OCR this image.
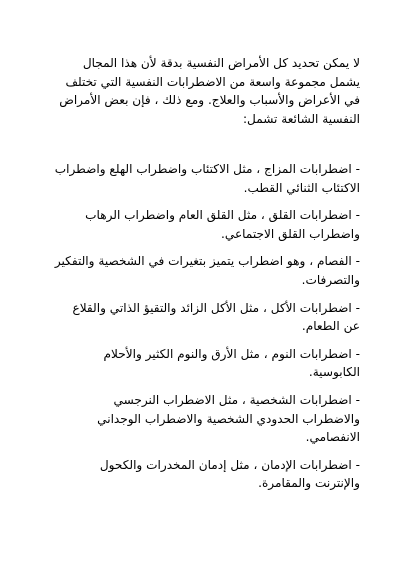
لا يمكن تحديد كل الأمراض النفسية بدقة لأن هذا المجال يشمل مجموعة واسعة من الاضطرابات النفسية التي تختلف في الأعراض والأسباب والعلاج. ومع ذلك ، فإن بعض الأمراض النفسية الشائعة تشمل:

- اضطرابات المزاج ، مثل الاكتئاب واضطراب الهلع واضطراب الاكتئاب الثنائي القطب.
- اضطرابات القلق ، مثل القلق العام واضطراب الرهاب واضطراب القلق الاجتماعي.
- الفصام ، وهو اضطراب يتميز بتغيرات في الشخصية والتفكير والتصرفات.
- اضطرابات الأكل ، مثل الأكل الزائد والتقيؤ الذاتي والقلاع عن الطعام.
- اضطرابات النوم ، مثل الأرق والنوم الكثير والأحلام الكابوسية.
- اضطرابات الشخصية ، مثل الاضطراب النرجسي والاضطراب الحدودي الشخصية والاضطراب الوجداني الانفصامي.
- اضطرابات الإدمان ، مثل إدمان المخدرات والكحول والإنترنت والمقامرة.
